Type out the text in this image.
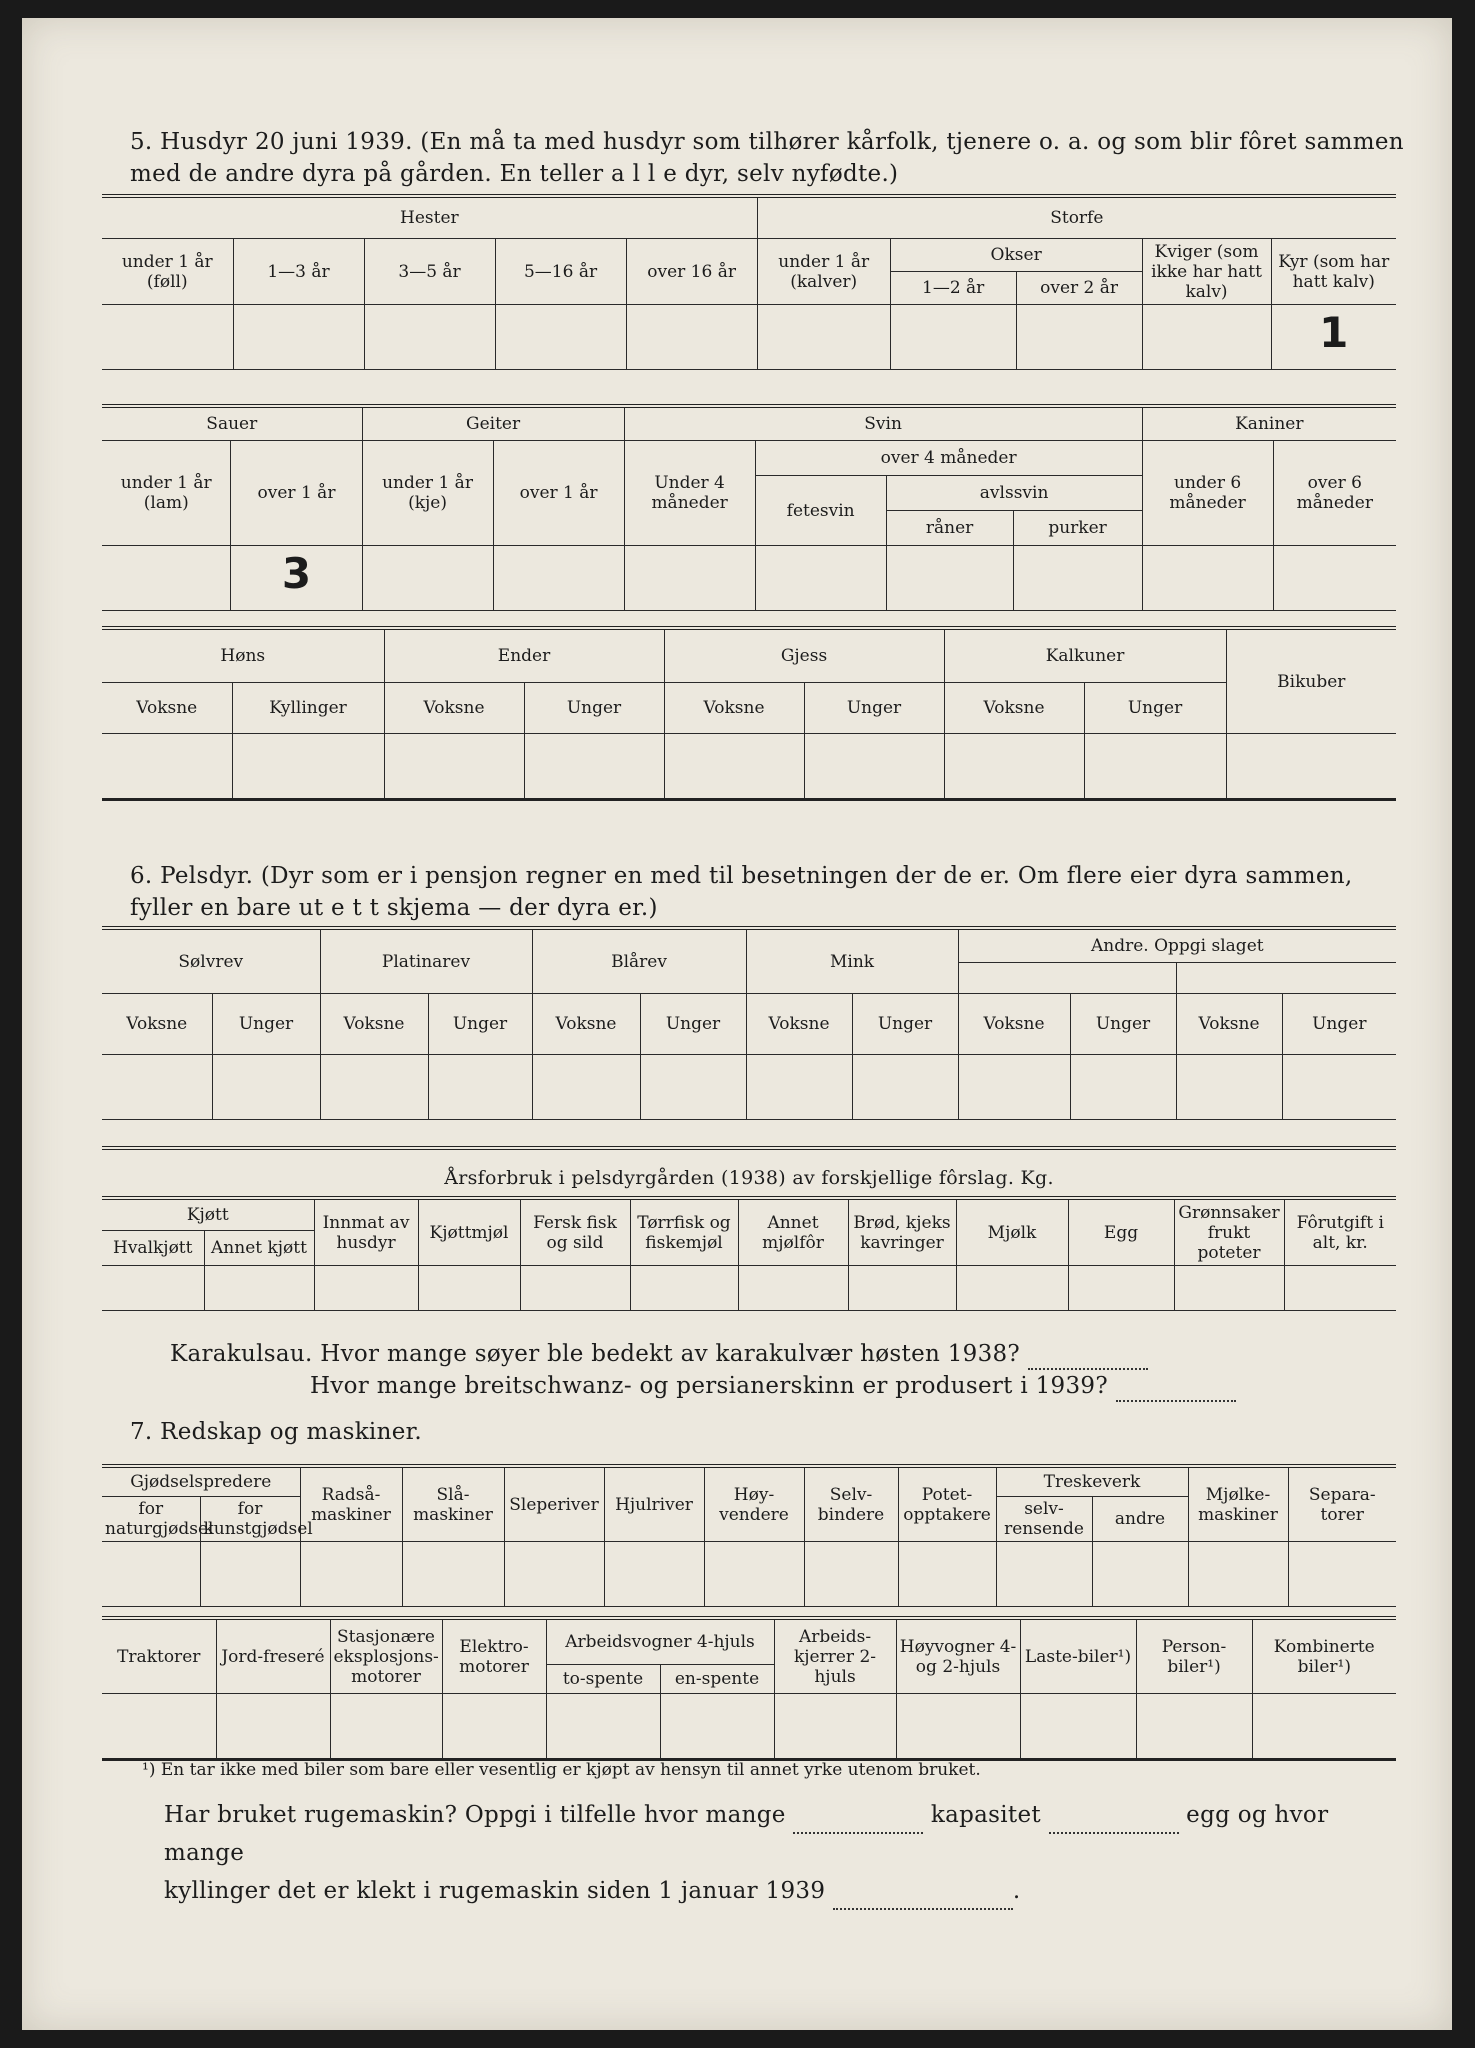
5. Husdyr 20 juni 1939. (En må ta med husdyr som tilhører kårfolk, tjenere o. a. og som blir fôret sammen
med de andre dyra på gården. En teller a l l e dyr, selv nyfødte.)
Hester					Storfe				
under 1 år (føll)	1—3 år	3—5 år	5—16 år	over 16 år	under 1 år (kalver)	Okser		Kviger (som ikke har hatt kalv)	Kyr (som har hatt kalv)
						1—2 år	over 2 år		
									1
Sauer		Geiter		Svin				Kaniner	
under 1 år (lam)	over 1 år	under 1 år (kje)	over 1 år	Under 4 måneder	over 4 måneder			under 6 måneder	over 6 måneder
					fetesvin	avlssvin			
						råner	purker		
	3								
Høns		Ender		Gjess		Kalkuner		Bikuber
Voksne	Kyllinger	Voksne	Unger	Voksne	Unger	Voksne	Unger	

6. Pelsdyr. (Dyr som er i pensjon regner en med til besetningen der de er. Om flere eier dyra sammen,
fyller en bare ut e t t skjema — der dyra er.)
Sølvrev		Platinarev		Blårev		Mink		Andre. Oppgi slaget			

Voksne	Unger	Voksne	Unger	Voksne	Unger	Voksne	Unger	Voksne	Unger	Voksne	Unger

Årsforbruk i pelsdyrgården (1938) av forskjellige fôrslag. Kg.
Kjøtt		Innmat av husdyr	Kjøttmjøl	Fersk fisk og sild	Tørrfisk og fiskemjøl	Annet mjølfôr	Brød, kjeks kavringer	Mjølk	Egg	Grønnsaker frukt poteter	Fôrutgift i alt, kr.
Hvalkjøtt	Annet kjøtt										

Karakulsau. Hvor mange søyer ble bedekt av karakulvær høsten 1938?
Hvor mange breitschwanz- og persianerskinn er produsert i 1939?
7. Redskap og maskiner.
Gjødselspredere		Radså-maskiner	Slå-maskiner	Sleperiver	Hjulriver	Høy-vendere	Selv-bindere	Potet-opptakere	Treskeverk		Mjølke-maskiner	Separa-torer
for naturgjødsel	for kunstgjødsel								selv-rensende	andre		

Traktorer	Jord-freseré	Stasjonære eksplosjons-motorer	Elektro-motorer	Arbeidsvogner 4-hjuls		Arbeids-kjerrer 2-hjuls	Høyvogner 4- og 2-hjuls	Laste-biler¹)	Person-biler¹)	Kombinerte biler¹)
				to-spente	en-spente					

¹) En tar ikke med biler som bare eller vesentlig er kjøpt av hensyn til annet yrke utenom bruket.
Har bruket rugemaskin? Oppgi i tilfelle hvor mange	kapasitet	egg og hvor mange
kyllinger det er klekt i rugemaskin siden 1 januar 1939	.
